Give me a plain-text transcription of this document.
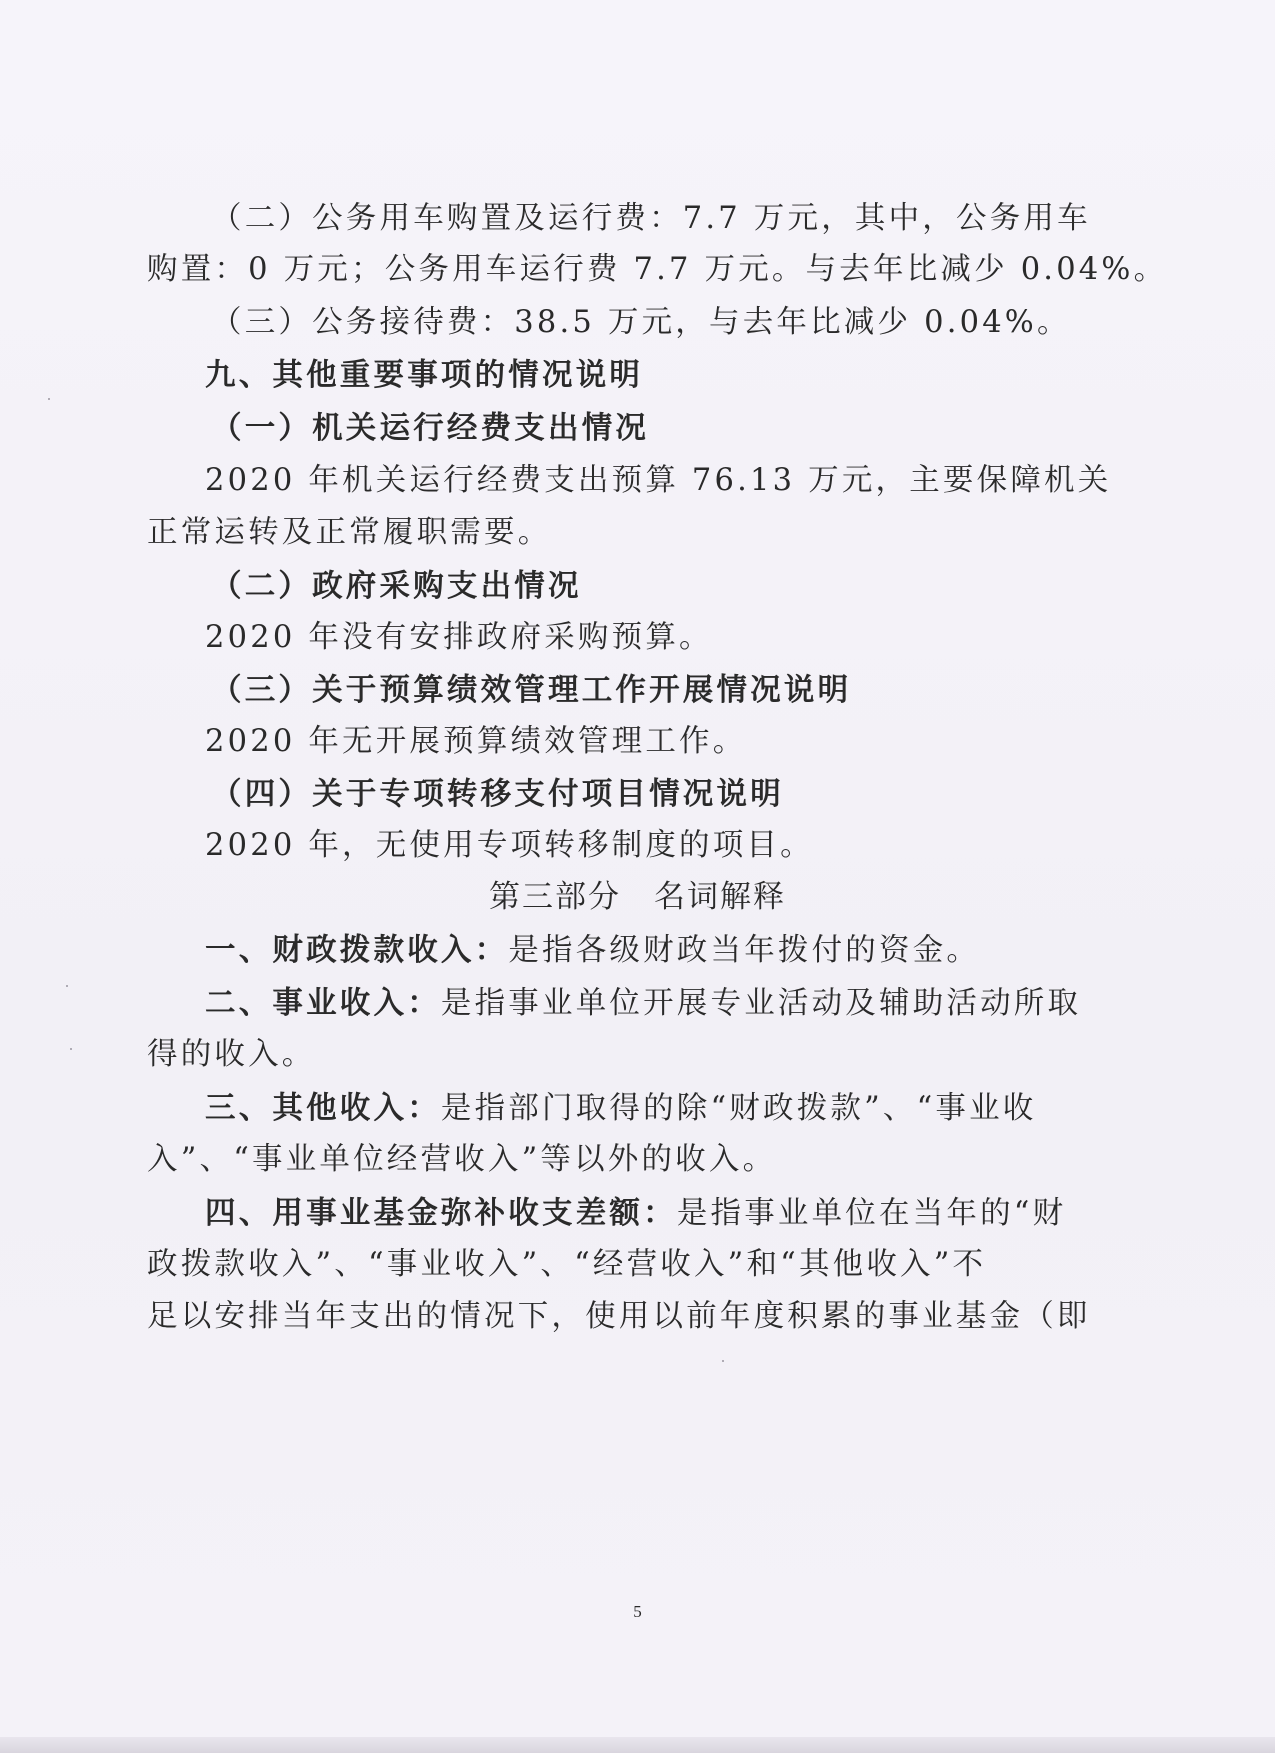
（二）公务用车购置及运行费：7.7 万元，其中，公务用车
购置：0 万元；公务用车运行费 7.7 万元。与去年比减少 0.04%。
（三）公务接待费：38.5 万元，与去年比减少 0.04%。
九、其他重要事项的情况说明
（一）机关运行经费支出情况
2020 年机关运行经费支出预算 76.13 万元，主要保障机关
正常运转及正常履职需要。
（二）政府采购支出情况
2020 年没有安排政府采购预算。
（三）关于预算绩效管理工作开展情况说明
2020 年无开展预算绩效管理工作。
（四）关于专项转移支付项目情况说明
2020 年，无使用专项转移制度的项目。
第三部分　名词解释
一、财政拨款收入：是指各级财政当年拨付的资金。
二、事业收入：是指事业单位开展专业活动及辅助活动所取
得的收入。
三、其他收入：是指部门取得的除“财政拨款”、“事业收
入”、“事业单位经营收入”等以外的收入。
四、用事业基金弥补收支差额：是指事业单位在当年的“财
政拨款收入”、“事业收入”、“经营收入”和“其他收入”不
足以安排当年支出的情况下，使用以前年度积累的事业基金（即
5
